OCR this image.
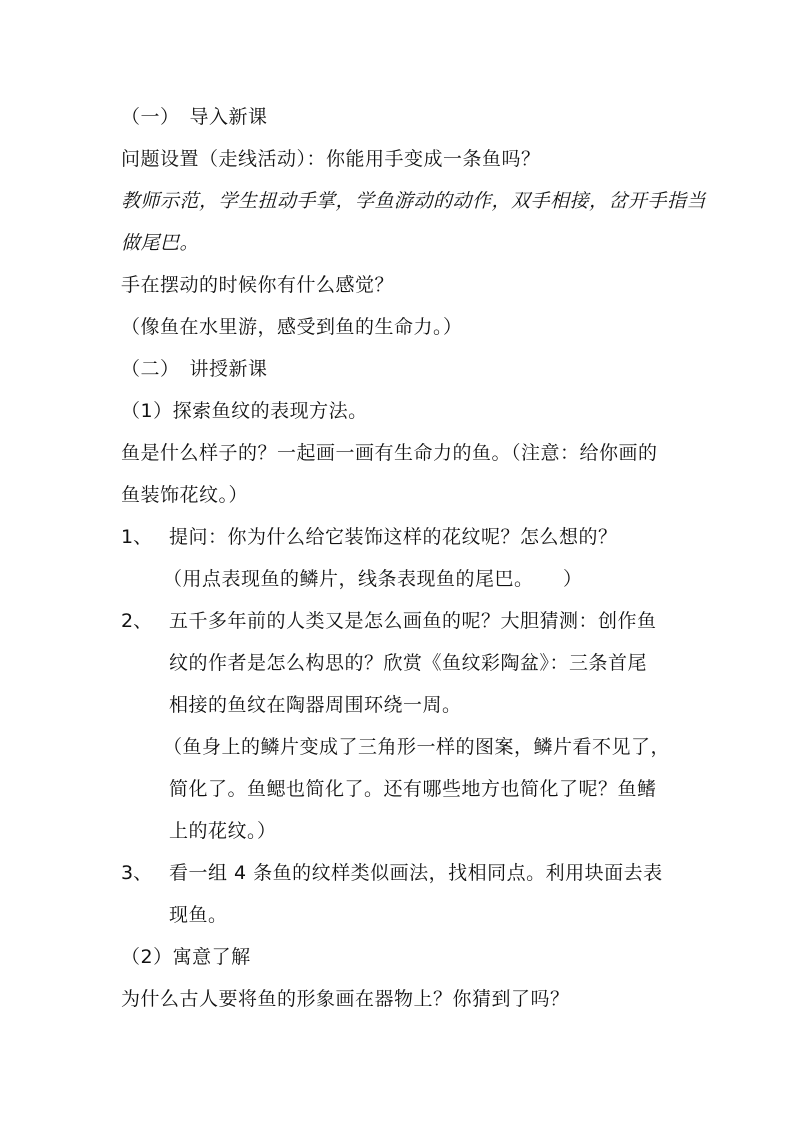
（一）　导入新课
问题设置（走线活动）：你能用手变成一条鱼吗？
教师示范，学生扭动手掌，学鱼游动的动作，双手相接，岔开手指当
做尾巴。
手在摆动的时候你有什么感觉？
（像鱼在水里游，感受到鱼的生命力。）
（二）　讲授新课
（1）探索鱼纹的表现方法。
鱼是什么样子的？一起画一画有生命力的鱼。（注意：给你画的
鱼装饰花纹。）
1、 提问：你为什么给它装饰这样的花纹呢？怎么想的？
（用点表现鱼的鳞片，线条表现鱼的尾巴。　　）
2、 五千多年前的人类又是怎么画鱼的呢？大胆猜测：创作鱼
纹的作者是怎么构思的？欣赏《鱼纹彩陶盆》：三条首尾
相接的鱼纹在陶器周围环绕一周。
（鱼身上的鳞片变成了三角形一样的图案，鳞片看不见了，
简化了。鱼鳃也简化了。还有哪些地方也简化了呢？鱼鳍
上的花纹。）
3、 看一组 4 条鱼的纹样类似画法，找相同点。利用块面去表
现鱼。
（2）寓意了解
为什么古人要将鱼的形象画在器物上？你猜到了吗？
